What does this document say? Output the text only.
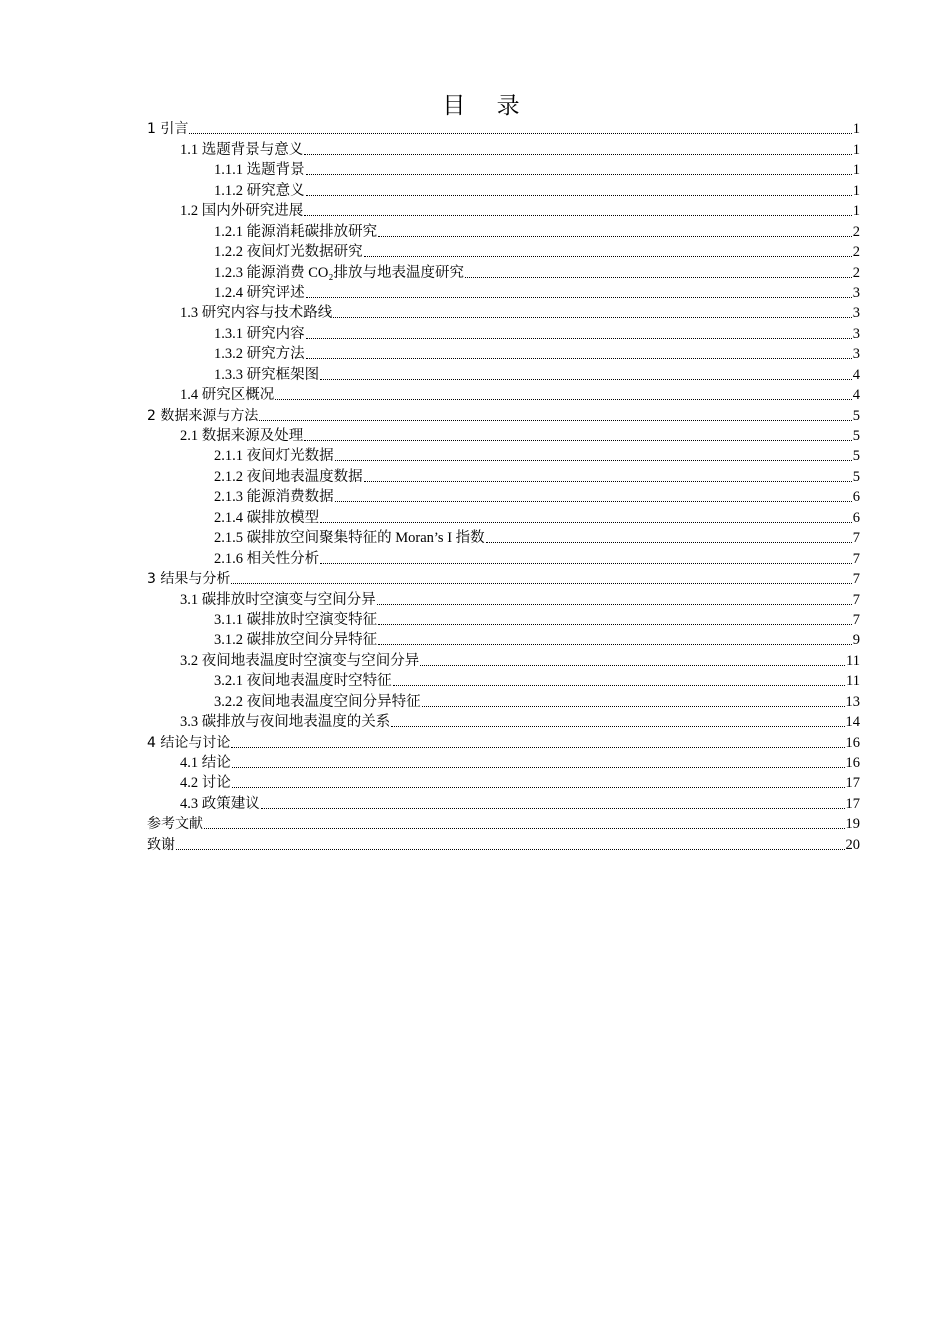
目 录
1 引言	1
1.1 选题背景与意义	1
1.1.1 选题背景	1
1.1.2 研究意义	1
1.2 国内外研究进展	1
1.2.1 能源消耗碳排放研究	2
1.2.2 夜间灯光数据研究	2
1.2.3 能源消费 CO₂排放与地表温度研究	2
1.2.4 研究评述	3
1.3 研究内容与技术路线	3
1.3.1 研究内容	3
1.3.2 研究方法	3
1.3.3 研究框架图	4
1.4 研究区概况	4
2 数据来源与方法	5
2.1 数据来源及处理	5
2.1.1 夜间灯光数据	5
2.1.2 夜间地表温度数据	5
2.1.3 能源消费数据	6
2.1.4 碳排放模型	6
2.1.5 碳排放空间聚集特征的 Moran’s I 指数	7
2.1.6 相关性分析	7
3 结果与分析	7
3.1 碳排放时空演变与空间分异	7
3.1.1 碳排放时空演变特征	7
3.1.2 碳排放空间分异特征	9
3.2 夜间地表温度时空演变与空间分异	11
3.2.1 夜间地表温度时空特征	11
3.2.2 夜间地表温度空间分异特征	13
3.3 碳排放与夜间地表温度的关系	14
4 结论与讨论	16
4.1 结论	16
4.2 讨论	17
4.3 政策建议	17
参考文献	19
致谢	20
